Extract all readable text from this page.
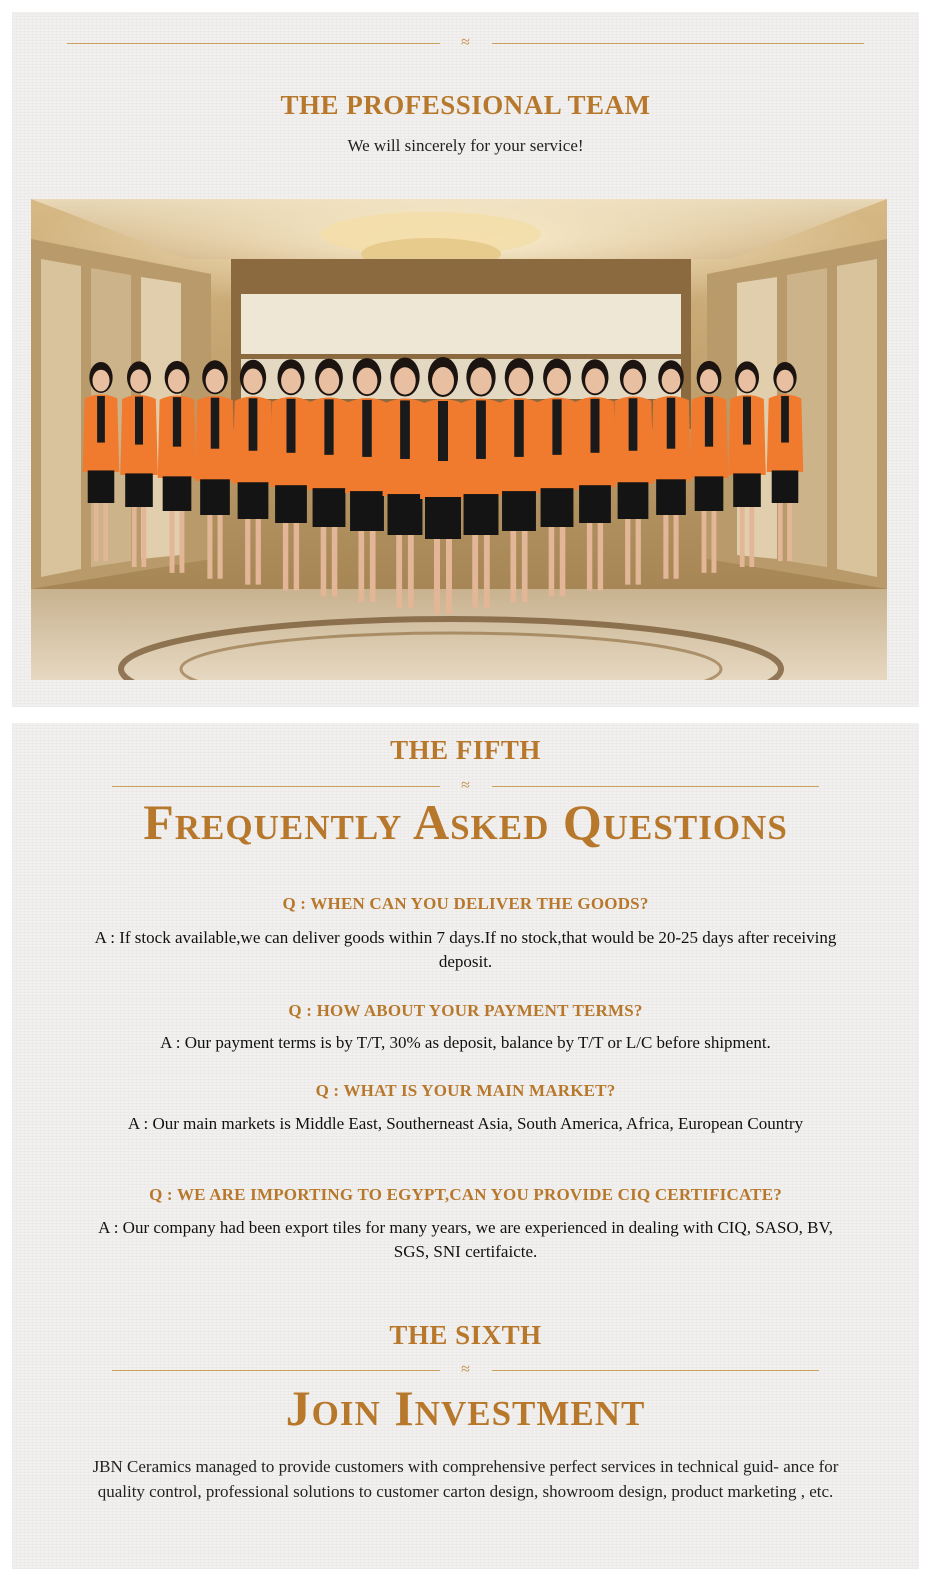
≈
THE PROFESSIONAL TEAM
We will sincerely for your service!
THE FIFTH
≈
Frequently Asked Questions
Q : WHEN CAN YOU DELIVER THE GOODS?
A : If stock available,we can deliver goods within 7 days.If no stock,that would be 20-25 days after receiving deposit.
Q : HOW ABOUT YOUR PAYMENT TERMS?
A : Our payment terms is by T/T, 30% as deposit, balance by T/T or L/C before shipment.
Q : WHAT IS YOUR MAIN MARKET?
A : Our main markets is Middle East, Southerneast Asia, South America, Africa, European Country
Q : WE ARE IMPORTING TO EGYPT,CAN YOU PROVIDE CIQ CERTIFICATE?
A : Our company had been export tiles for many years, we are experienced in dealing with CIQ, SASO, BV, SGS, SNI certifaicte.
THE SIXTH
≈
Join Investment
JBN Ceramics managed to provide customers with comprehensive perfect services in technical guid- ance for quality control, professional solutions to customer carton design, showroom design, product marketing , etc.
